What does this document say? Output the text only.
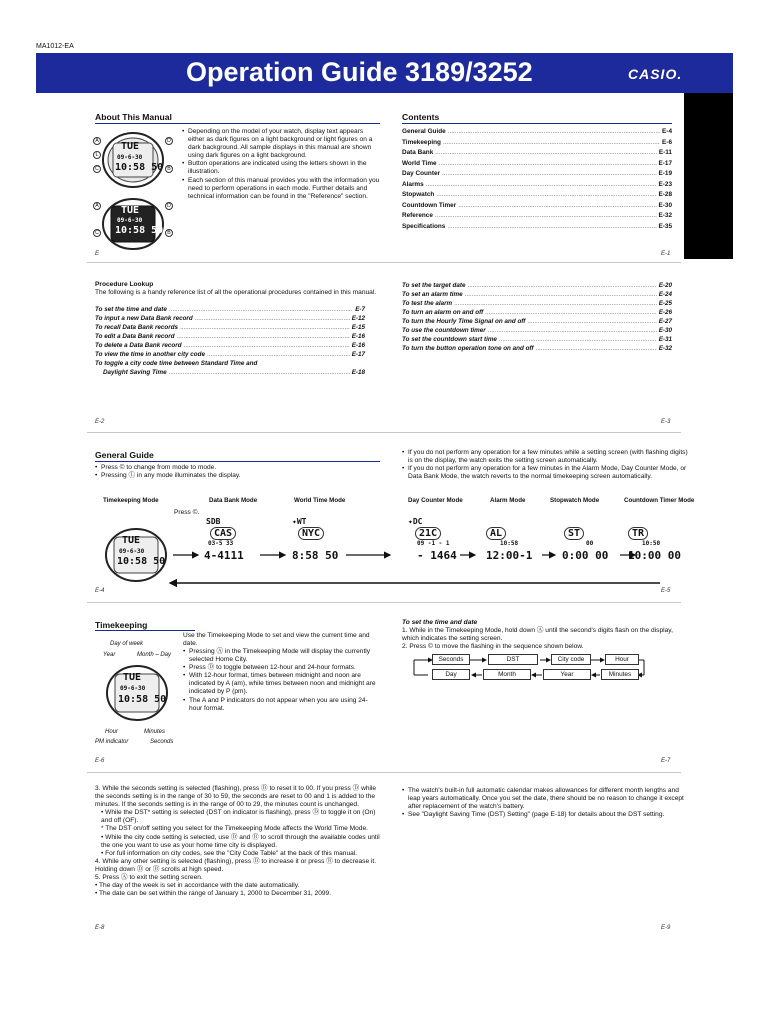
MA1012-EA
Operation Guide 3189/3252	CASIO.
About This Manual	Contents
TUE
09-6-30
10:58 50
A
L
C
D
B
TUE
09-6-30
10:58 50
A
C
D
B
• Depending on the model of your watch, display text appears either as dark figures on a light background or light figures on a dark background. All sample displays in this manual are shown using dark figures on a light background.
• Button operations are indicated using the letters shown in the illustration.
• Each section of this manual provides you with the information you need to perform operations in each mode. Further details and technical information can be found in the "Reference" section.
General Guide .....	E-4
Timekeeping .....	E-6
Data Bank .....	E-11
World Time .....	E-17
Day Counter .....	E-19
Alarms .....	E-23
Stopwatch .....	E-28
Countdown Timer .....	E-30
Reference .....	E-32
Specifications .....	E-35
E	E-1
Procedure Lookup
The following is a handy reference list of all the operational procedures contained in this manual.
To set the time and date .....	E-7
To input a new Data Bank record .....	E-12
To recall Data Bank records .....	E-15
To edit a Data Bank record .....	E-16
To delete a Data Bank record .....	E-16
To view the time in another city code .....	E-17
To toggle a city code time between Standard Time and
Daylight Saving Time .....	E-18
To set the target date .....	E-20
To set an alarm time .....	E-24
To test the alarm .....	E-25
To turn an alarm on and off .....	E-26
To turn the Hourly Time Signal on and off .....	E-27
To use the countdown timer .....	E-30
To set the countdown start time .....	E-31
To turn the button operation tone on and off .....	E-32
E-2	E-3
General Guide
• Press © to change from mode to mode.
• Pressing Ⓛ in any mode illuminates the display.
• If you do not perform any operation for a few minutes while a setting screen (with flashing digits) is on the display, the watch exits the setting screen automatically.
• If you do not perform any operation for a few minutes in the Alarm Mode, Day Counter Mode, or Data Bank Mode, the watch reverts to the normal timekeeping screen automatically.
Timekeeping Mode	Data Bank Mode	World Time Mode	Day Counter Mode	Alarm Mode	Stopwatch Mode	Countdown Timer Mode
Press ©.
SDB	✦WT	✦DC
TUE
09-6-30
10:58 50
CAS
03-5 33
4-4111
NYC
8:58 50
21C
09 -1 - 1
- 1464
AL
10:58
12:00-1
ST
00
0:00 00
TR
10:50
10:00 00
E-4	E-5
Timekeeping
Use the Timekeeping Mode to set and view the current time and date.
• Pressing Ⓐ in the Timekeeping Mode will display the currently selected Home City.
• Press Ⓓ to toggle between 12-hour and 24-hour formats.
• With 12-hour format, times between midnight and noon are indicated by A (am), while times between noon and midnight are indicated by P (pm).
• The A and P indicators do not appear when you are using 24-hour format.
Day of week
Year	Month – Day
TUE
09-6-30
10:58 50
Hour	Minutes
PM indicator	Seconds
To set the time and date
1. While in the Timekeeping Mode, hold down Ⓐ until the second's digits flash on the display, which indicates the setting screen.
2. Press © to move the flashing in the sequence shown below.
Seconds	DST	City code	Hour
Day	Month	Year	Minutes
E-6	E-7
3. While the seconds setting is selected (flashing), press Ⓓ to reset it to 00. If you press Ⓓ while the seconds setting is in the range of 30 to 59, the seconds are reset to 00 and 1 is added to the minutes. If the seconds setting is in the range of 00 to 29, the minutes count is unchanged.
• While the DST* setting is selected (DST on indicator is flashing), press Ⓓ to toggle it on (On) and off (OF).
* The DST on/off setting you select for the Timekeeping Mode affects the World Time Mode.
• While the city code setting is selected, use Ⓓ and Ⓑ to scroll through the available codes until the one you want to use as your home time city is displayed.
• For full information on city codes, see the "City Code Table" at the back of this manual.
4. While any other setting is selected (flashing), press Ⓓ to increase it or press Ⓑ to decrease it. Holding down Ⓓ or Ⓑ scrolls at high speed.
5. Press Ⓐ to exit the setting screen.
• The day of the week is set in accordance with the date automatically.
• The date can be set within the range of January 1, 2000 to December 31, 2099.
• The watch's built-in full automatic calendar makes allowances for different month lengths and leap years automatically. Once you set the date, there should be no reason to change it except after replacement of the watch's battery.
• See "Daylight Saving Time (DST) Setting" (page E-18) for details about the DST setting.
E-8	E-9
